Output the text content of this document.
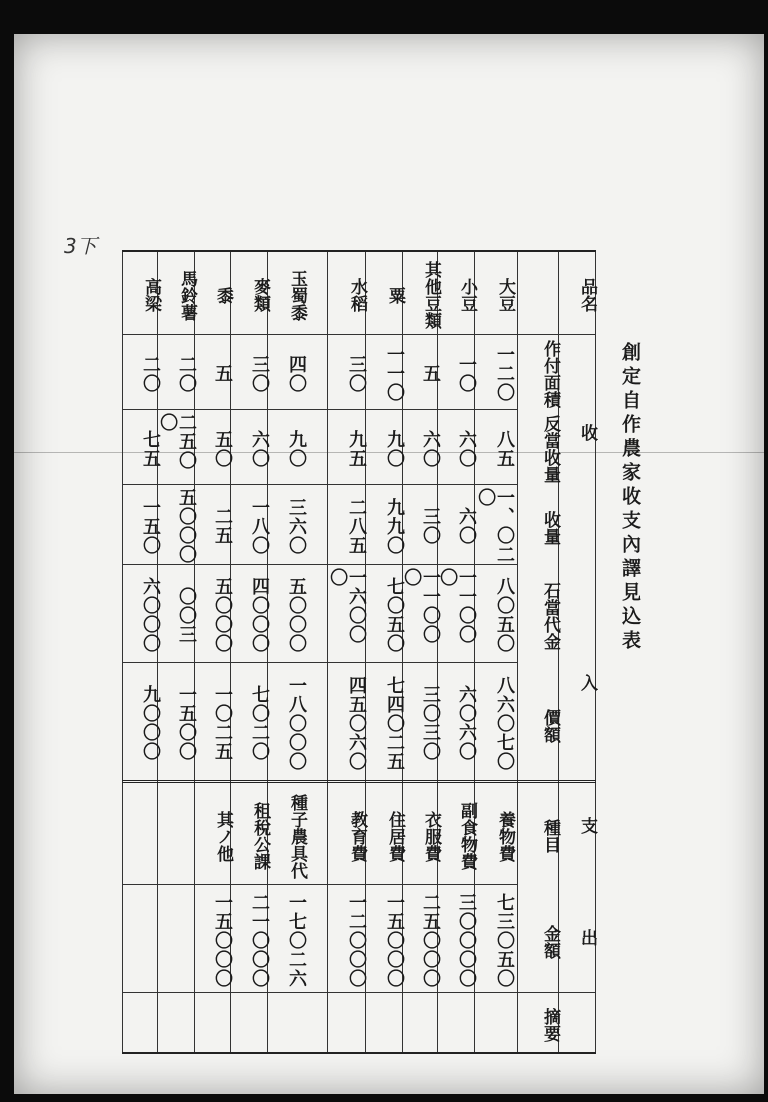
3下
創定自作農家收支內譯見込表
大豆
一二〇
八五
一、〇二〇
八〇五〇
八六〇七〇
小豆
一〇
六〇
六〇
一一〇〇〇
六〇六〇
其他豆類
五
六〇
三〇
一一〇〇〇
三〇三〇
粟
一一〇
九〇
九九〇
七〇五〇
七四〇二五
水稻
三〇
九五
二八五
一六〇〇〇
四五〇六〇
玉蜀黍
四〇
九〇
三六〇
五〇〇〇
一八〇〇〇
麥類
三〇
六〇
一八〇
四〇〇〇
七〇二〇
黍
五
五〇
二五
五〇〇〇
一〇二五
馬鈴薯
二〇
二五〇〇
五〇〇〇
〇〇三
一五〇〇
高梁
二〇
七五
一五〇
六〇〇〇
九〇〇〇
養物費
七三〇五〇
副食物費
三〇〇〇〇
衣服費
二五〇〇〇
住居費
一五〇〇〇
教育費
一二〇〇〇
種子農具代
一七〇二六
租稅公課
二一〇〇〇
其ノ他
一五〇〇〇
品名
作付面積
反當收量
收量
石當代金
價額
收
入
種目
金額
摘要
支
出
